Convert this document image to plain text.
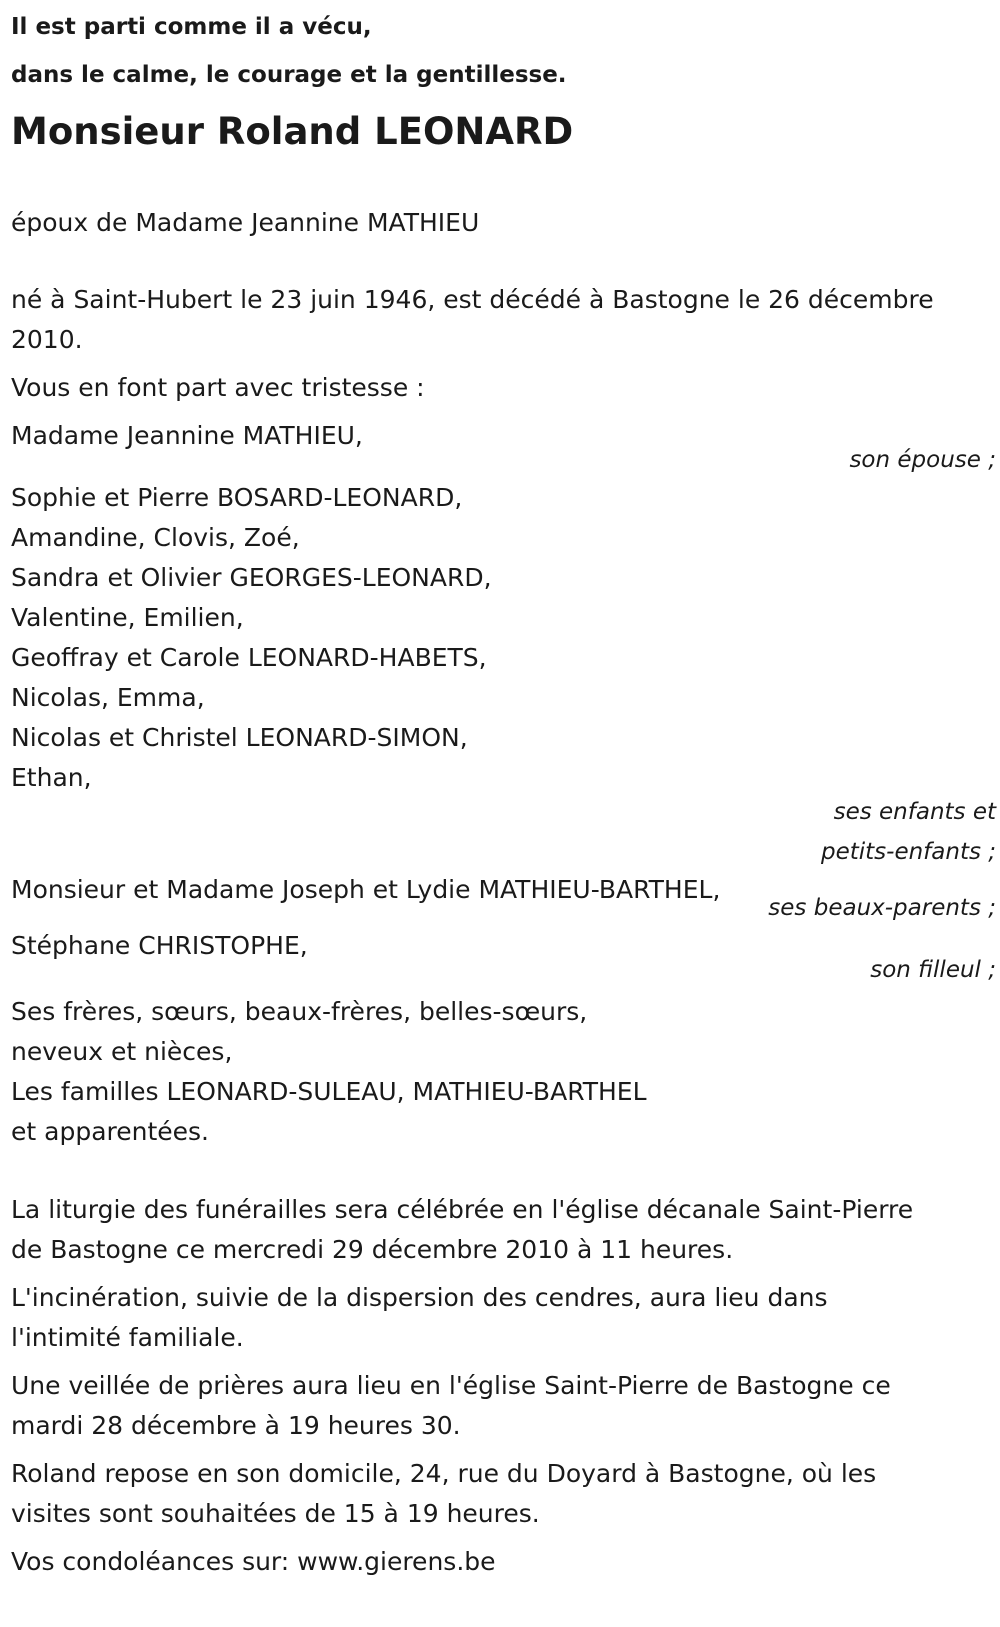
Il est parti comme il a vécu,
dans le calme, le courage et la gentillesse.
Monsieur Roland LEONARD
époux de Madame Jeannine MATHIEU
né à Saint-Hubert le 23 juin 1946, est décédé à Bastogne le 26 décembre
2010.
Vous en font part avec tristesse :
Madame Jeannine MATHIEU,
son épouse ;
Sophie et Pierre BOSARD-LEONARD,
Amandine, Clovis, Zoé,
Sandra et Olivier GEORGES-LEONARD,
Valentine, Emilien,
Geoffray et Carole LEONARD-HABETS,
Nicolas, Emma,
Nicolas et Christel LEONARD-SIMON,
Ethan,
ses enfants et
petits-enfants ;
Monsieur et Madame Joseph et Lydie MATHIEU-BARTHEL,
ses beaux-parents ;
Stéphane CHRISTOPHE,
son filleul ;
Ses frères, sœurs, beaux-frères, belles-sœurs,
neveux et nièces,
Les familles LEONARD-SULEAU, MATHIEU-BARTHEL
et apparentées.
La liturgie des funérailles sera célébrée en l'église décanale Saint-Pierre
de Bastogne ce mercredi 29 décembre 2010 à 11 heures.
L'incinération, suivie de la dispersion des cendres, aura lieu dans
l'intimité familiale.
Une veillée de prières aura lieu en l'église Saint-Pierre de Bastogne ce
mardi 28 décembre à 19 heures 30.
Roland repose en son domicile, 24, rue du Doyard à Bastogne, où les
visites sont souhaitées de 15 à 19 heures.
Vos condoléances sur: www.gierens.be
